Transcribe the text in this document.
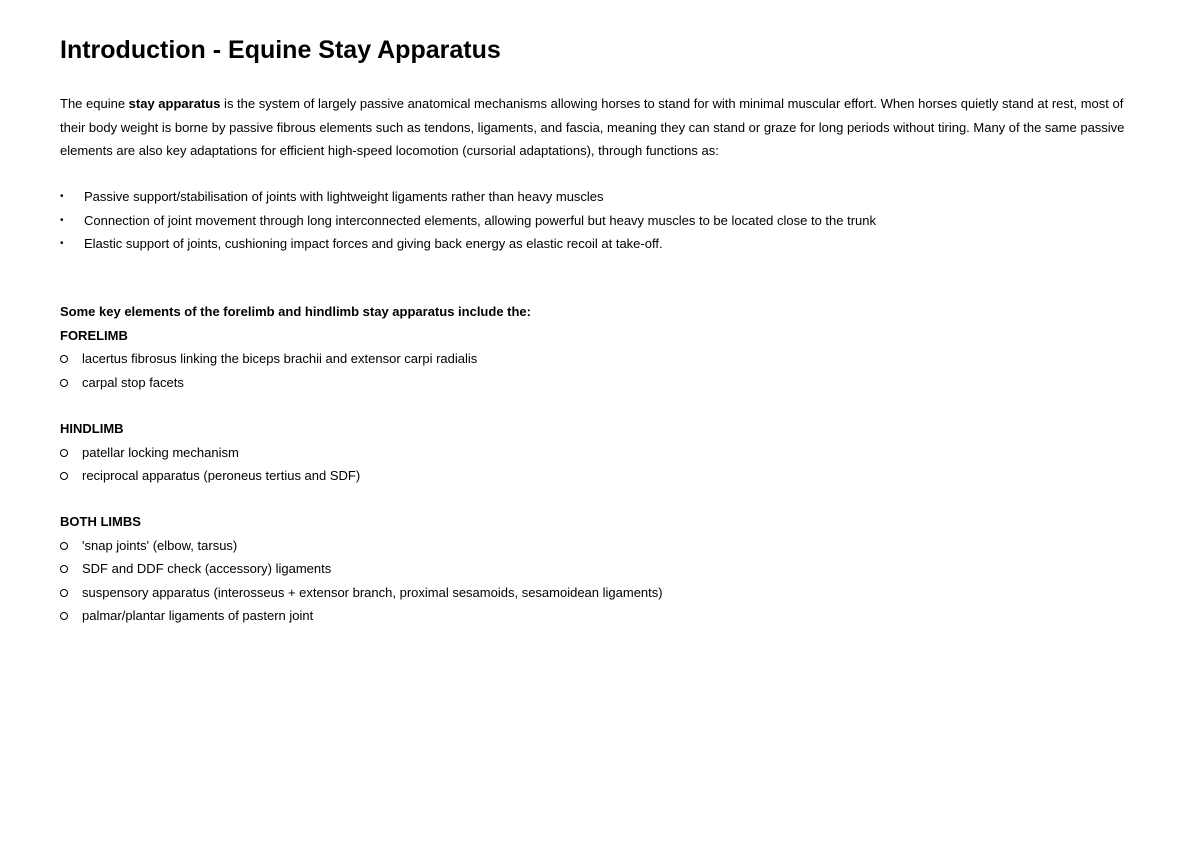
Introduction - Equine Stay Apparatus

The equine stay apparatus is the system of largely passive anatomical mechanisms allowing horses to stand for with minimal muscular effort. When horses quietly stand at rest, most of their body weight is borne by passive fibrous elements such as tendons, ligaments, and fascia, meaning they can stand or graze for long periods without tiring. Many of the same passive elements are also key adaptations for efficient high-speed locomotion (cursorial adaptations), through functions as:

• Passive support/stabilisation of joints with lightweight ligaments rather than heavy muscles
• Connection of joint movement through long interconnected elements, allowing powerful but heavy muscles to be located close to the trunk
• Elastic support of joints, cushioning impact forces and giving back energy as elastic recoil at take-off.
Some key elements of the forelimb and hindlimb stay apparatus include the:
FORELIMB
lacertus fibrosus linking the biceps brachii and extensor carpi radialis
carpal stop facets
HINDLIMB
patellar locking mechanism
reciprocal apparatus (peroneus tertius and SDF)
BOTH LIMBS
'snap joints' (elbow, tarsus)
SDF and DDF check (accessory) ligaments
suspensory apparatus (interosseus + extensor branch, proximal sesamoids, sesamoidean ligaments)
palmar/plantar ligaments of pastern joint
